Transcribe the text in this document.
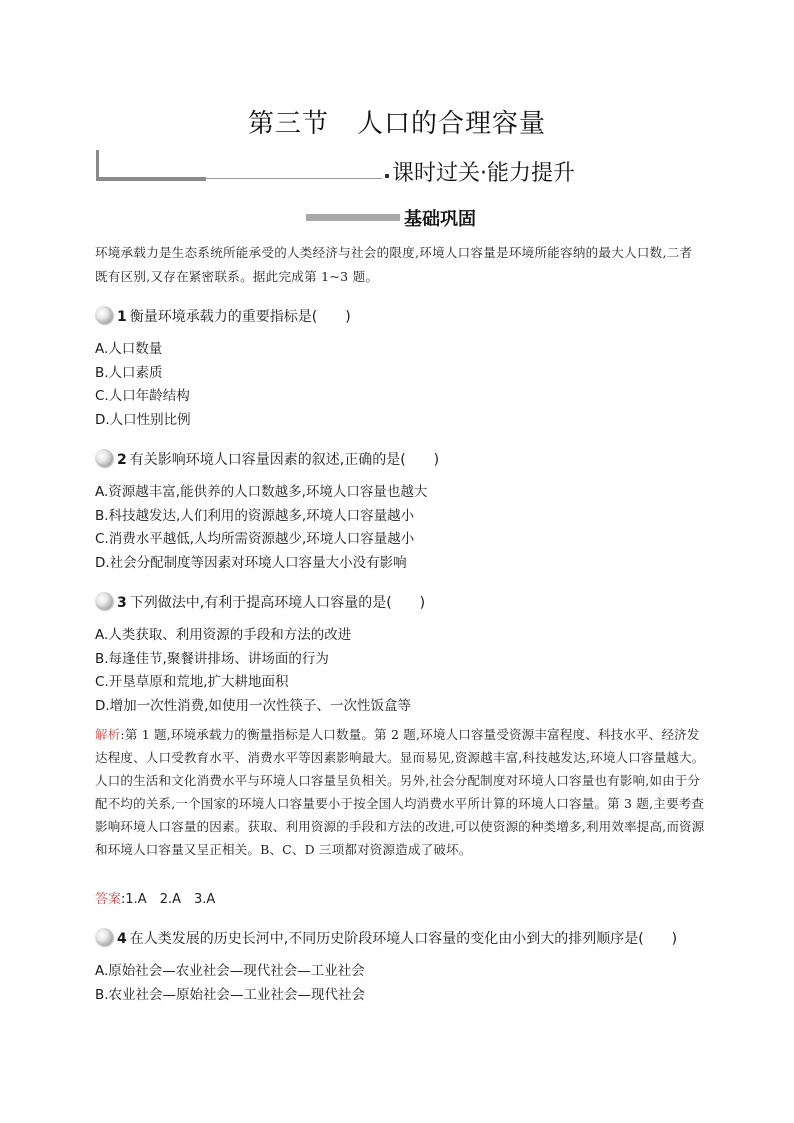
第三节 人口的合理容量
课时过关·能力提升
基础巩固
环境承载力是生态系统所能承受的人类经济与社会的限度,环境人口容量是环境所能容纳的最大人口数,二者既有区别,又存在紧密联系。据此完成第 1~3 题。
1 衡量环境承载力的重要指标是(　　)
A.人口数量
B.人口素质
C.人口年龄结构
D.人口性别比例
2 有关影响环境人口容量因素的叙述,正确的是(　　)
A.资源越丰富,能供养的人口数越多,环境人口容量也越大
B.科技越发达,人们利用的资源越多,环境人口容量越小
C.消费水平越低,人均所需资源越少,环境人口容量越小
D.社会分配制度等因素对环境人口容量大小没有影响
3 下列做法中,有利于提高环境人口容量的是(　　)
A.人类获取、利用资源的手段和方法的改进
B.每逢佳节,聚餐讲排场、讲场面的行为
C.开垦草原和荒地,扩大耕地面积
D.增加一次性消费,如使用一次性筷子、一次性饭盒等
解析:第 1 题,环境承载力的衡量指标是人口数量。第 2 题,环境人口容量受资源丰富程度、科技水平、经济发达程度、人口受教育水平、消费水平等因素影响最大。显而易见,资源越丰富,科技越发达,环境人口容量越大。人口的生活和文化消费水平与环境人口容量呈负相关。另外,社会分配制度对环境人口容量也有影响,如由于分配不均的关系,一个国家的环境人口容量要小于按全国人均消费水平所计算的环境人口容量。第 3 题,主要考查影响环境人口容量的因素。获取、利用资源的手段和方法的改进,可以使资源的种类增多,利用效率提高,而资源和环境人口容量又呈正相关。B、C、D 三项都对资源造成了破坏。
答案:1.A　2.A　3.A
4 在人类发展的历史长河中,不同历史阶段环境人口容量的变化由小到大的排列顺序是(　　)
A.原始社会—农业社会—现代社会—工业社会
B.农业社会—原始社会—工业社会—现代社会
